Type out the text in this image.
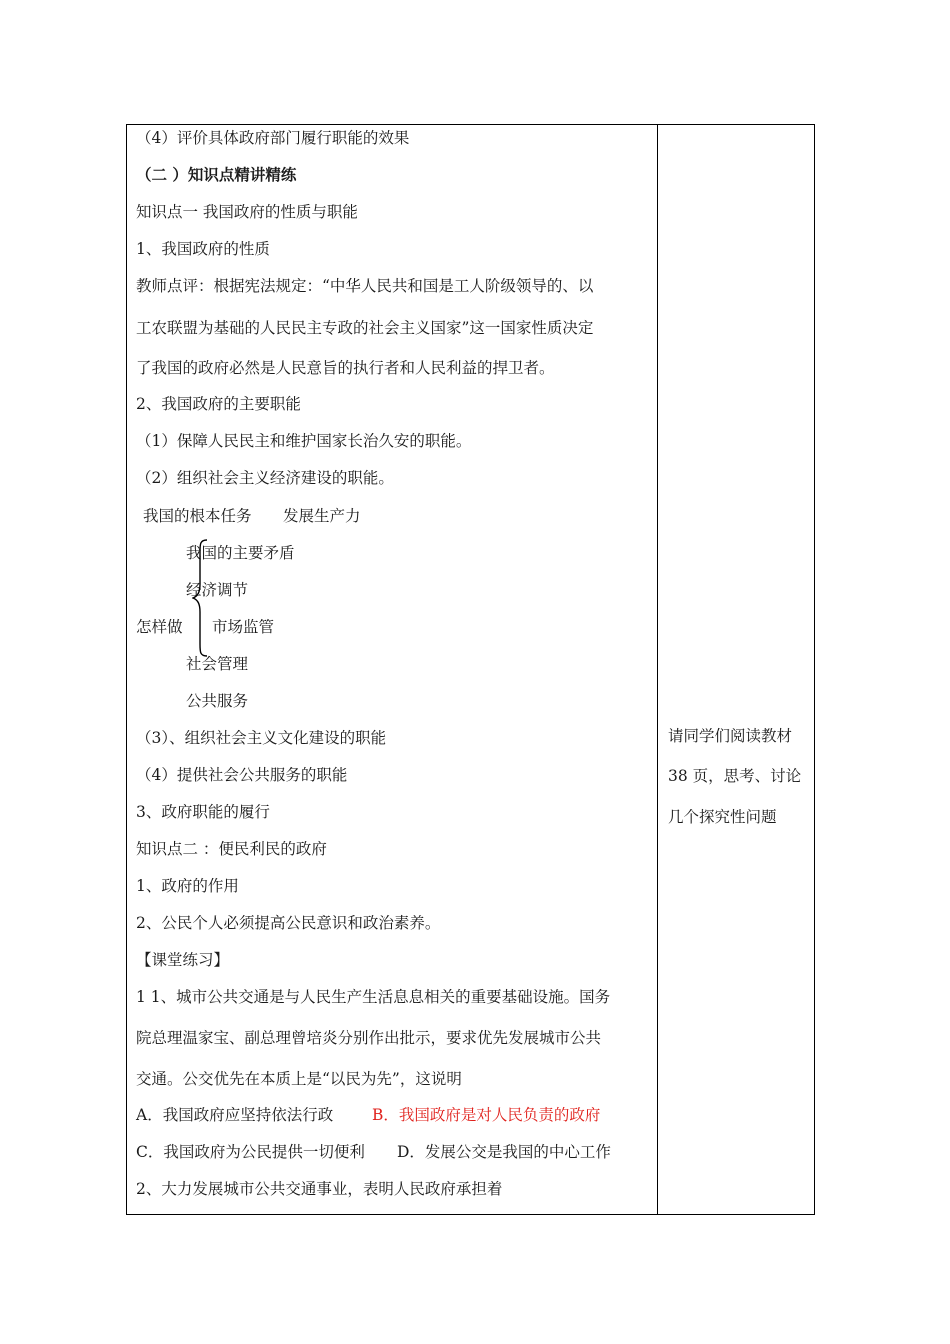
（4）评价具体政府部门履行职能的效果
（二 ）知识点精讲精练
知识点一 我国政府的性质与职能
1、我国政府的性质
教师点评：根据宪法规定：“中华人民共和国是工人阶级领导的、以
工农联盟为基础的人民民主专政的社会主义国家”这一国家性质决定
了我国的政府必然是人民意旨的执行者和人民利益的捍卫者。
2、我国政府的主要职能
（1）保障人民民主和维护国家长治久安的职能。
（2）组织社会主义经济建设的职能。
我国的根本任务 发展生产力
我国的主要矛盾
经济调节
怎样做 市场监管
社会管理
公共服务
（3）、组织社会主义文化建设的职能
（4）提供社会公共服务的职能
3、政府职能的履行
知识点二 ：便民利民的政府
1、政府的作用
2、公民个人必须提高公民意识和政治素养。
【课堂练习】
1 1、城市公共交通是与人民生产生活息息相关的重要基础设施。国务
院总理温家宝、副总理曾培炎分别作出批示，要求优先发展城市公共
交通。公交优先在本质上是“以民为先”，这说明
A．我国政府应坚持依法行政	B．我国政府是对人民负责的政府
C．我国政府为公民提供一切便利 D．发展公交是我国的中心工作
2、大力发展城市公共交通事业，表明人民政府承担着
请同学们阅读教材
38 页，思考、讨论
几个探究性问题
